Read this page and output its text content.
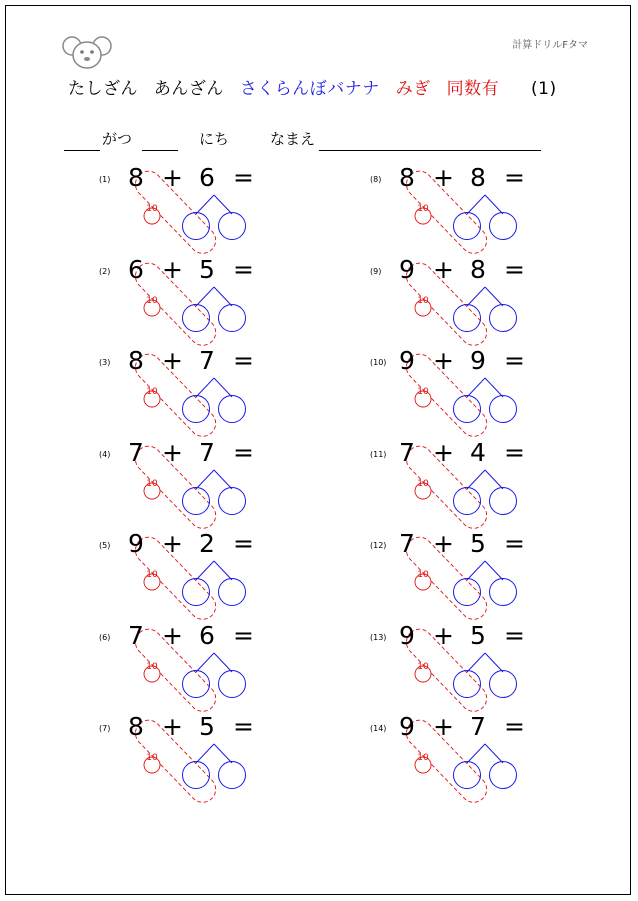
計算ドリルFタマ
たしざん あんざん さくらんぼバナナ みぎ 同数有 (1)
がつ	にち	なまえ
(1) 8 + 6 =
10
(2) 6 + 5 =
10
(3) 8 + 7 =
10
(4) 7 + 7 =
10
(5) 9 + 2 =
10
(6) 7 + 6 =
10
(7) 8 + 5 =
10
(8) 8 + 8 =
10
(9) 9 + 8 =
10
(10) 9 + 9 =
10
(11) 7 + 4 =
10
(12) 7 + 5 =
10
(13) 9 + 5 =
10
(14) 9 + 7 =
10
